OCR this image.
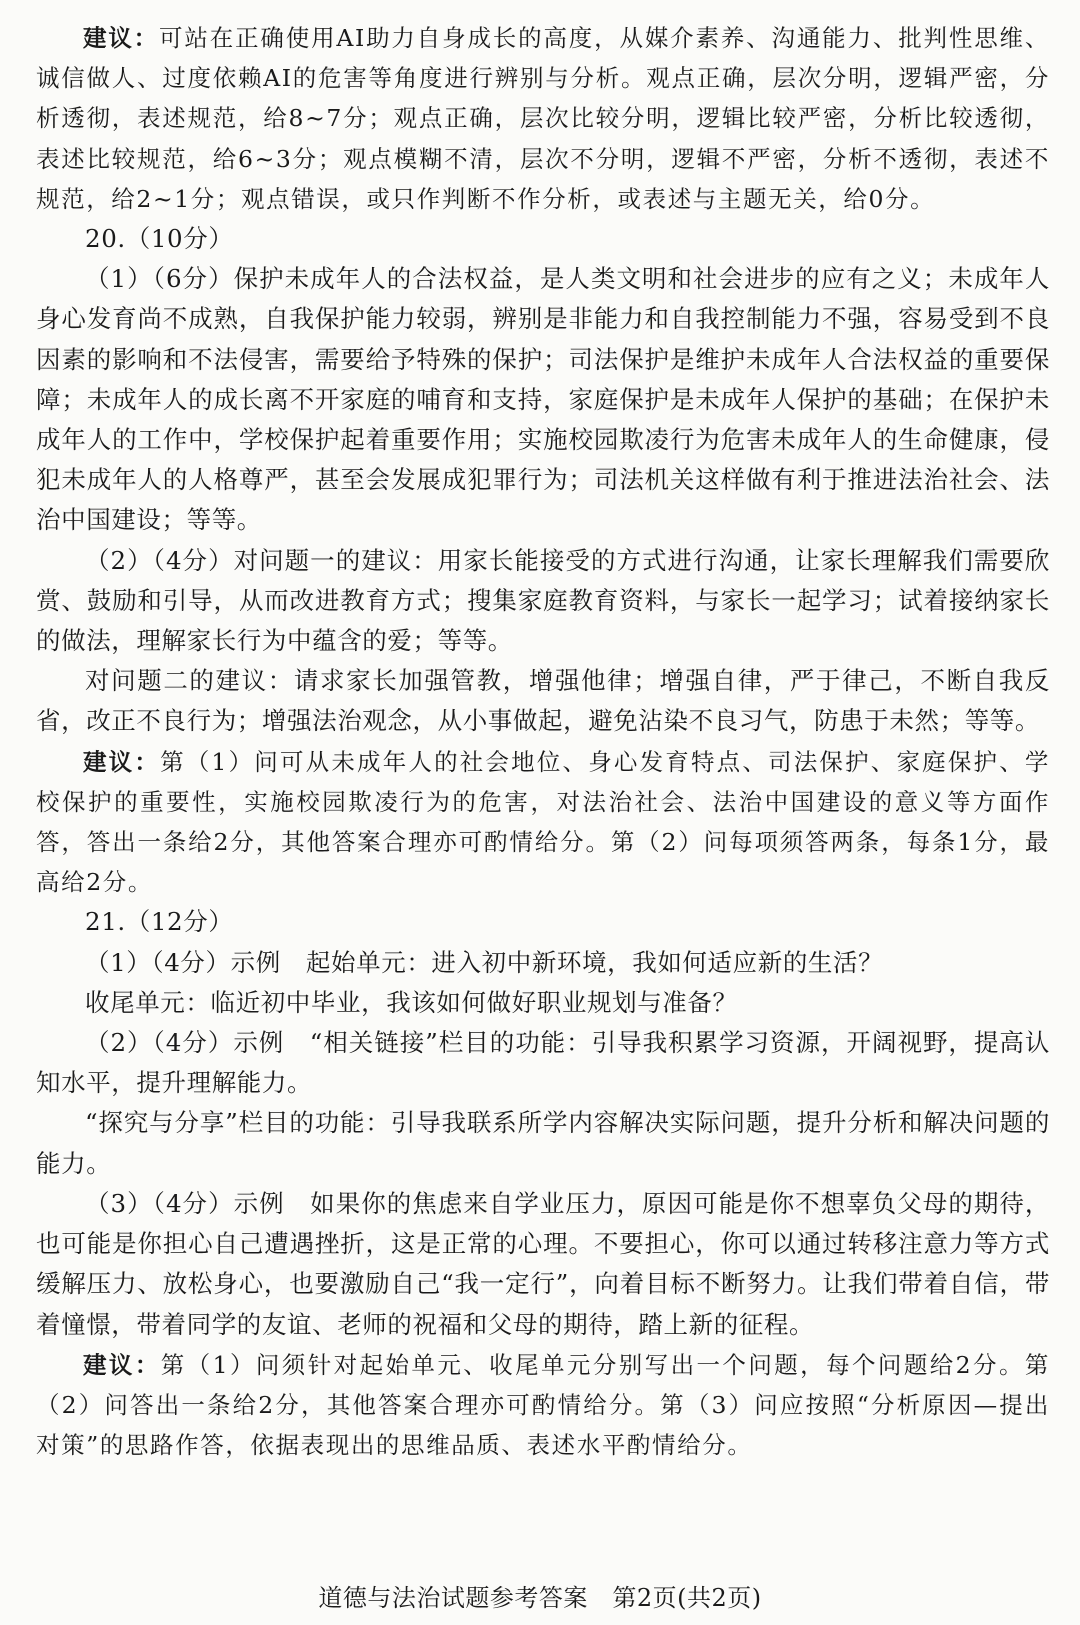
建议：可站在正确使用AI助力自身成长的高度，从媒介素养、沟通能力、批判性思维、诚信做人、过度依赖AI的危害等角度进行辨别与分析。观点正确，层次分明，逻辑严密，分析透彻，表述规范，给8~7分；观点正确，层次比较分明，逻辑比较严密，分析比较透彻，表述比较规范，给6~3分；观点模糊不清，层次不分明，逻辑不严密，分析不透彻，表述不规范，给2~1分；观点错误，或只作判断不作分析，或表述与主题无关，给0分。

20.（10分）

（1）（6分）保护未成年人的合法权益，是人类文明和社会进步的应有之义；未成年人身心发育尚不成熟，自我保护能力较弱，辨别是非能力和自我控制能力不强，容易受到不良因素的影响和不法侵害，需要给予特殊的保护；司法保护是维护未成年人合法权益的重要保障；未成年人的成长离不开家庭的哺育和支持，家庭保护是未成年人保护的基础；在保护未成年人的工作中，学校保护起着重要作用；实施校园欺凌行为危害未成年人的生命健康，侵犯未成年人的人格尊严，甚至会发展成犯罪行为；司法机关这样做有利于推进法治社会、法治中国建设；等等。

（2）（4分）对问题一的建议：用家长能接受的方式进行沟通，让家长理解我们需要欣赏、鼓励和引导，从而改进教育方式；搜集家庭教育资料，与家长一起学习；试着接纳家长的做法，理解家长行为中蕴含的爱；等等。

对问题二的建议：请求家长加强管教，增强他律；增强自律，严于律己，不断自我反省，改正不良行为；增强法治观念，从小事做起，避免沾染不良习气，防患于未然；等等。

建议：第（1）问可从未成年人的社会地位、身心发育特点、司法保护、家庭保护、学校保护的重要性，实施校园欺凌行为的危害，对法治社会、法治中国建设的意义等方面作答，答出一条给2分，其他答案合理亦可酌情给分。第（2）问每项须答两条，每条1分，最高给2分。

21.（12分）

（1）（4分）示例　起始单元：进入初中新环境，我如何适应新的生活？

收尾单元：临近初中毕业，我该如何做好职业规划与准备？

（2）（4分）示例　“相关链接”栏目的功能：引导我积累学习资源，开阔视野，提高认知水平，提升理解能力。

“探究与分享”栏目的功能：引导我联系所学内容解决实际问题，提升分析和解决问题的能力。

（3）（4分）示例　如果你的焦虑来自学业压力，原因可能是你不想辜负父母的期待，也可能是你担心自己遭遇挫折，这是正常的心理。不要担心，你可以通过转移注意力等方式缓解压力、放松身心，也要激励自己“我一定行”，向着目标不断努力。让我们带着自信，带着憧憬，带着同学的友谊、老师的祝福和父母的期待，踏上新的征程。

建议：第（1）问须针对起始单元、收尾单元分别写出一个问题，每个问题给2分。第（2）问答出一条给2分，其他答案合理亦可酌情给分。第（3）问应按照“分析原因—提出对策”的思路作答，依据表现出的思维品质、表述水平酌情给分。

道德与法治试题参考答案　第2页(共2页)
